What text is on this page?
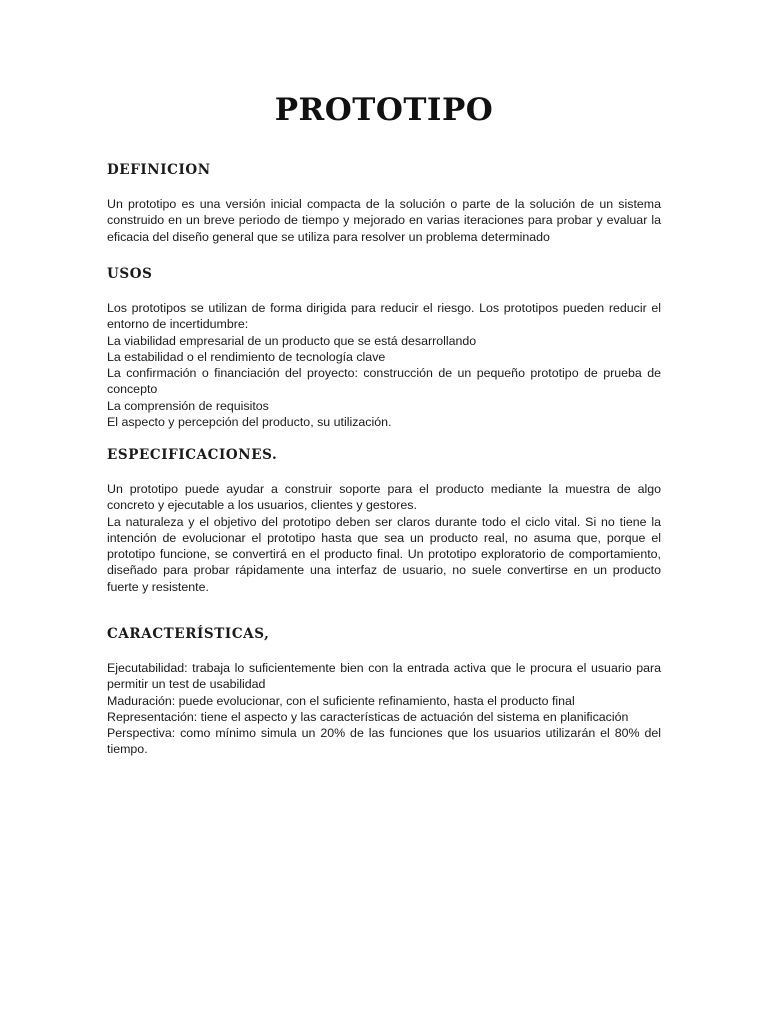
PROTOTIPO
DEFINICION

Un prototipo es una versión inicial compacta de la solución o parte de la solución de un sistema construido en un breve periodo de tiempo y mejorado en varias iteraciones para probar y evaluar la eficacia del diseño general que se utiliza para resolver un problema determinado

USOS
Los prototipos se utilizan de forma dirigida para reducir el riesgo. Los prototipos pueden reducir el entorno de incertidumbre:
La viabilidad empresarial de un producto que se está desarrollando
La estabilidad o el rendimiento de tecnología clave
La confirmación o financiación del proyecto: construcción de un pequeño prototipo de prueba de concepto
La comprensión de requisitos
El aspecto y percepción del producto, su utilización.
ESPECIFICACIONES.
Un prototipo puede ayudar a construir soporte para el producto mediante la muestra de algo concreto y ejecutable a los usuarios, clientes y gestores.
La naturaleza y el objetivo del prototipo deben ser claros durante todo el ciclo vital. Si no tiene la intención de evolucionar el prototipo hasta que sea un producto real, no asuma que, porque el prototipo funcione, se convertirá en el producto final. Un prototipo exploratorio de comportamiento, diseñado para probar rápidamente una interfaz de usuario, no suele convertirse en un producto fuerte y resistente.
CARACTERÍSTICAS,
Ejecutabilidad: trabaja lo suficientemente bien con la entrada activa que le procura el usuario para permitir un test de usabilidad
Maduración: puede evolucionar, con el suficiente refinamiento, hasta el producto final
Representación: tiene el aspecto y las características de actuación del sistema en planificación
Perspectiva: como mínimo simula un 20% de las funciones que los usuarios utilizarán el 80% del tiempo.
